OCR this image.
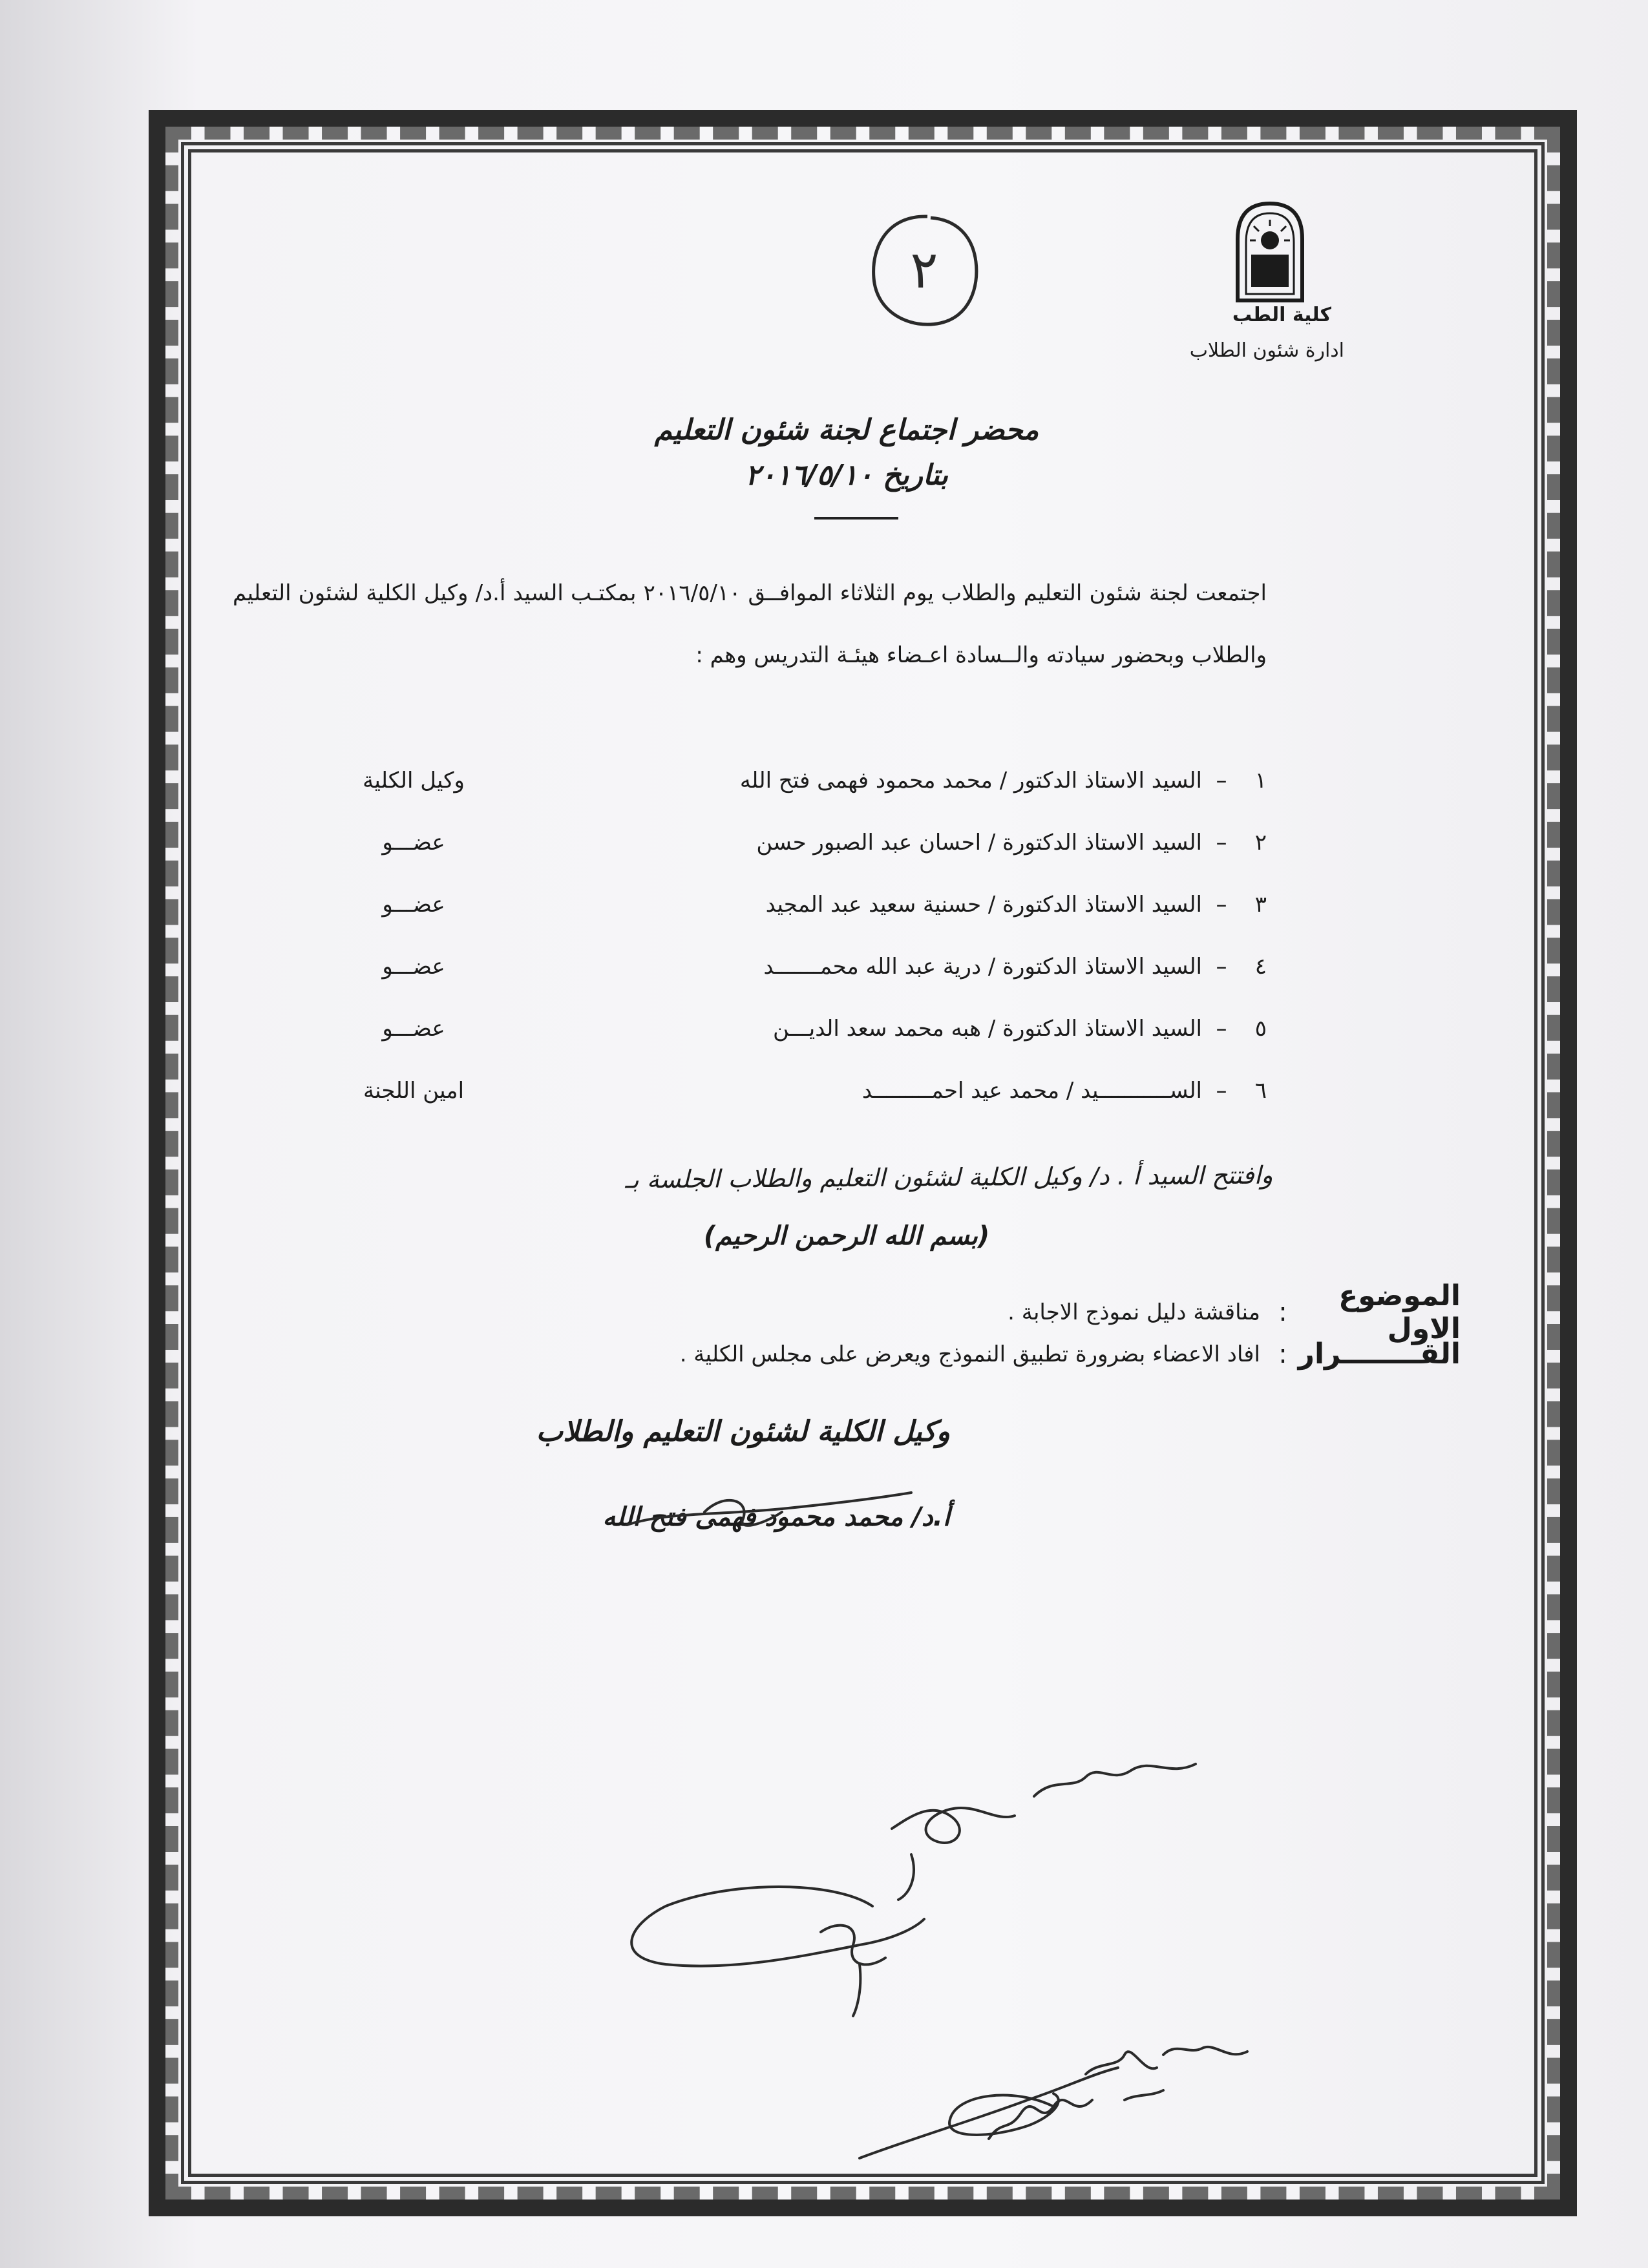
كلية الطب
ادارة شئون الطلاب
٢
محضر اجتماع لجنة شئون التعليم
بتاريخ ٢٠١٦/٥/١٠
اجتمعت لجنة شئون التعليم والطلاب يوم الثلاثاء الموافــق ٢٠١٦/٥/١٠ بمكتـب السيد أ.د/ وكيل الكلية لشئون التعليم والطلاب وبحضور سيادته والــسادة اعـضاء هيئـة التدريس وهم :
١
–
السيد الاستاذ الدكتور / محمد محمود فهمى فتح الله
وكيل الكلية
٢
–
السيد الاستاذ الدكتورة / احسان عبد الصبور حسن
عضـــو
٣
–
السيد الاستاذ الدكتورة / حسنية سعيد عبد المجيد
عضـــو
٤
–
السيد الاستاذ الدكتورة / درية عبد الله محمـــــــد
عضـــو
٥
–
السيد الاستاذ الدكتورة / هبه محمد سعد الديـــن
عضـــو
٦
–
الســـــــــــيد / محمد عيد احمـــــــــد
امين اللجنة
وافتتح السيد أ . د/ وكيل الكلية لشئون التعليم والطلاب الجلسة بـ
(بسم الله الرحمن الرحيم)
الموضوع الاول
:
مناقشة دليل نموذج الاجابة .
القــــــــرار
:
افاد الاعضاء بضرورة تطبيق النموذج ويعرض على مجلس الكلية .
وكيل الكلية لشئون التعليم والطلاب
أ.د/ محمد محمود فهمى فتح الله
